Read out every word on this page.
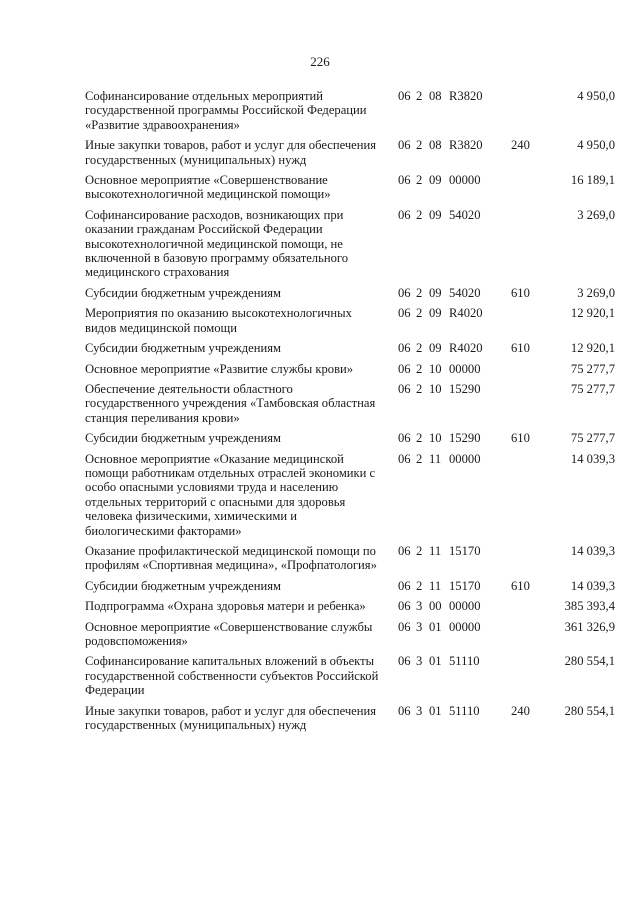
226
Софинансирование отдельных мероприятий государственной программы Российской Федерации «Развитие здравоохранения»
06 2 08 R3820	4 950,0
Иные закупки товаров, работ и услуг для обеспечения государственных (муниципальных) нужд
06 2 08 R3820 240	4 950,0
Основное мероприятие «Совершенствование высокотехнологичной медицинской помощи»
06 2 09 00000	16 189,1
Софинансирование расходов, возникающих при оказании гражданам Российской Федерации высокотехнологичной медицинской помощи, не включенной в базовую программу обязательного медицинского страхования
06 2 09 54020	3 269,0
Субсидии бюджетным учреждениям	06 2 09 54020 610	3 269,0
Мероприятия по оказанию высокотехнологичных видов медицинской помощи
06 2 09 R4020	12 920,1
Субсидии бюджетным учреждениям	06 2 09 R4020 610	12 920,1
Основное мероприятие «Развитие службы крови»	06 2 10 00000	75 277,7
Обеспечение деятельности областного государственного учреждения «Тамбовская областная станция переливания крови»
06 2 10 15290	75 277,7
Субсидии бюджетным учреждениям	06 2 10 15290 610	75 277,7
Основное мероприятие «Оказание медицинской помощи работникам отдельных отраслей экономики с особо опасными условиями труда и населению отдельных территорий с опасными для здоровья человека физическими, химическими и биологическими факторами»
06 2 11 00000	14 039,3
Оказание профилактической медицинской помощи по профилям «Спортивная медицина», «Профпатология»
06 2 11 15170	14 039,3
Субсидии бюджетным учреждениям	06 2 11 15170 610	14 039,3
Подпрограмма «Охрана здоровья матери и ребенка»	06 3 00 00000	385 393,4
Основное мероприятие «Совершенствование службы родовспоможения»
06 3 01 00000	361 326,9
Софинансирование капитальных вложений в объекты государственной собственности субъектов Российской Федерации
06 3 01 51110	280 554,1
Иные закупки товаров, работ и услуг для обеспечения государственных (муниципальных) нужд
06 3 01 51110 240	280 554,1
